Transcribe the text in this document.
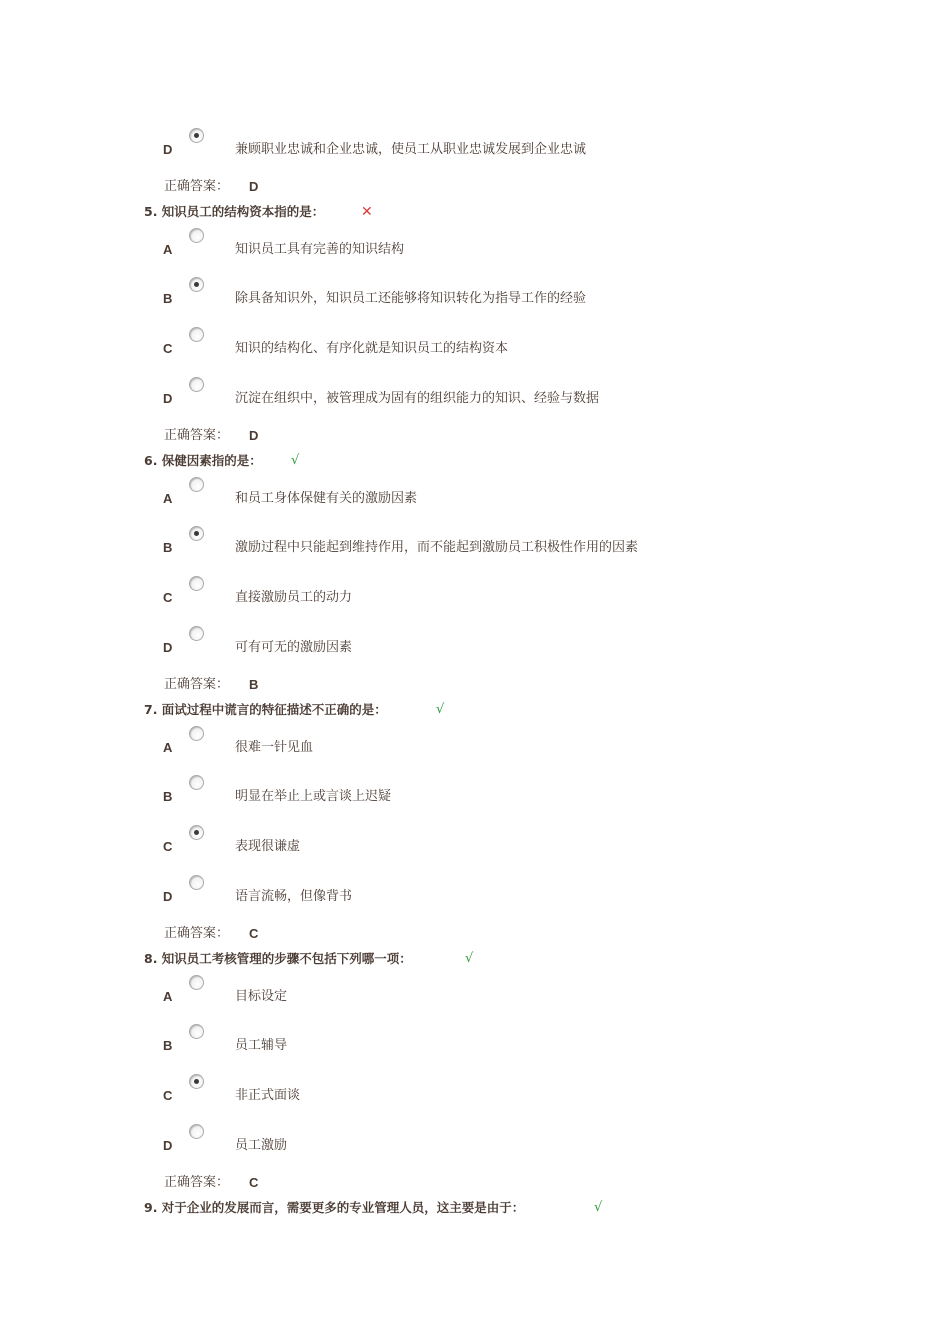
D	兼顾职业忠诚和企业忠诚，使员工从职业忠诚发展到企业忠诚
正确答案： D
5. 知识员工的结构资本指的是：	✕
A	知识员工具有完善的知识结构
B	除具备知识外，知识员工还能够将知识转化为指导工作的经验
C	知识的结构化、有序化就是知识员工的结构资本
D	沉淀在组织中，被管理成为固有的组织能力的知识、经验与数据
正确答案： D
6. 保健因素指的是： √
A	和员工身体保健有关的激励因素
B	激励过程中只能起到维持作用，而不能起到激励员工积极性作用的因素
C	直接激励员工的动力
D	可有可无的激励因素
正确答案： B
7. 面试过程中谎言的特征描述不正确的是：	√
A	很难一针见血
B	明显在举止上或言谈上迟疑
C	表现很谦虚
D	语言流畅，但像背书
正确答案： C
8. 知识员工考核管理的步骤不包括下列哪一项：	√
A	目标设定
B	员工辅导
C	非正式面谈
D	员工激励
正确答案： C
9. 对于企业的发展而言，需要更多的专业管理人员，这主要是由于：	√
